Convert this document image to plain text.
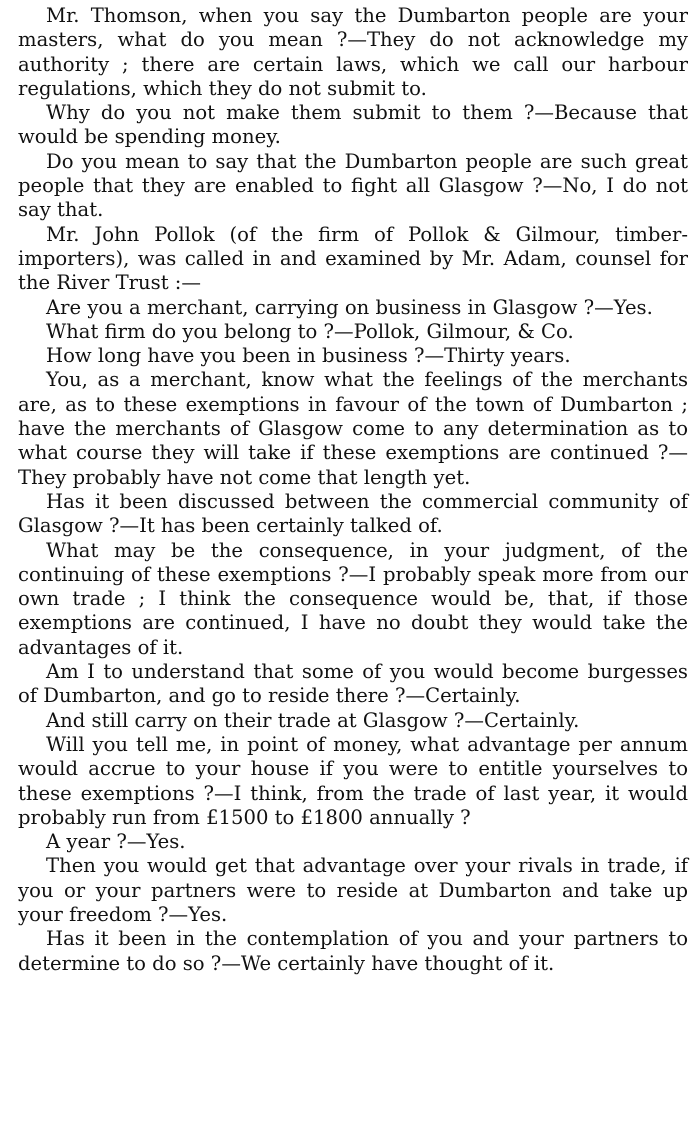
Mr. Thomson, when you say the Dumbarton people are your masters, what do you mean ?—They do not acknowledge my authority ; there are certain laws, which we call our harbour regulations, which they do not submit to.

Why do you not make them submit to them ?—Because that would be spending money.

Do you mean to say that the Dumbarton people are such great people that they are enabled to fight all Glasgow ?—No, I do not say that.

Mr. John Pollok (of the firm of Pollok & Gilmour, timberimporters), was called in and examined by Mr. Adam, counsel for the River Trust :—

Are you a merchant, carrying on business in Glasgow ?—Yes.

What firm do you belong to ?—Pollok, Gilmour, & Co.

How long have you been in business ?—Thirty years.

You, as a merchant, know what the feelings of the merchants are, as to these exemptions in favour of the town of Dumbarton ; have the merchants of Glasgow come to any determination as to what course they will take if these exemptions are continued ?—They probably have not come that length yet.

Has it been discussed between the commercial community of Glasgow ?—It has been certainly talked of.

What may be the consequence, in your judgment, of the continuing of these exemptions ?—I probably speak more from our own trade ; I think the consequence would be, that, if those exemptions are continued, I have no doubt they would take the advantages of it.

Am I to understand that some of you would become burgesses of Dumbarton, and go to reside there ?—Certainly.

And still carry on their trade at Glasgow ?—Certainly.

Will you tell me, in point of money, what advantage per annum would accrue to your house if you were to entitle yourselves to these exemptions ?—I think, from the trade of last year, it would probably run from £1500 to £1800 annually ?

A year ?—Yes.

Then you would get that advantage over your rivals in trade, if you or your partners were to reside at Dumbarton and take up your freedom ?—Yes.

Has it been in the contemplation of you and your partners to determine to do so ?—We certainly have thought of it.
